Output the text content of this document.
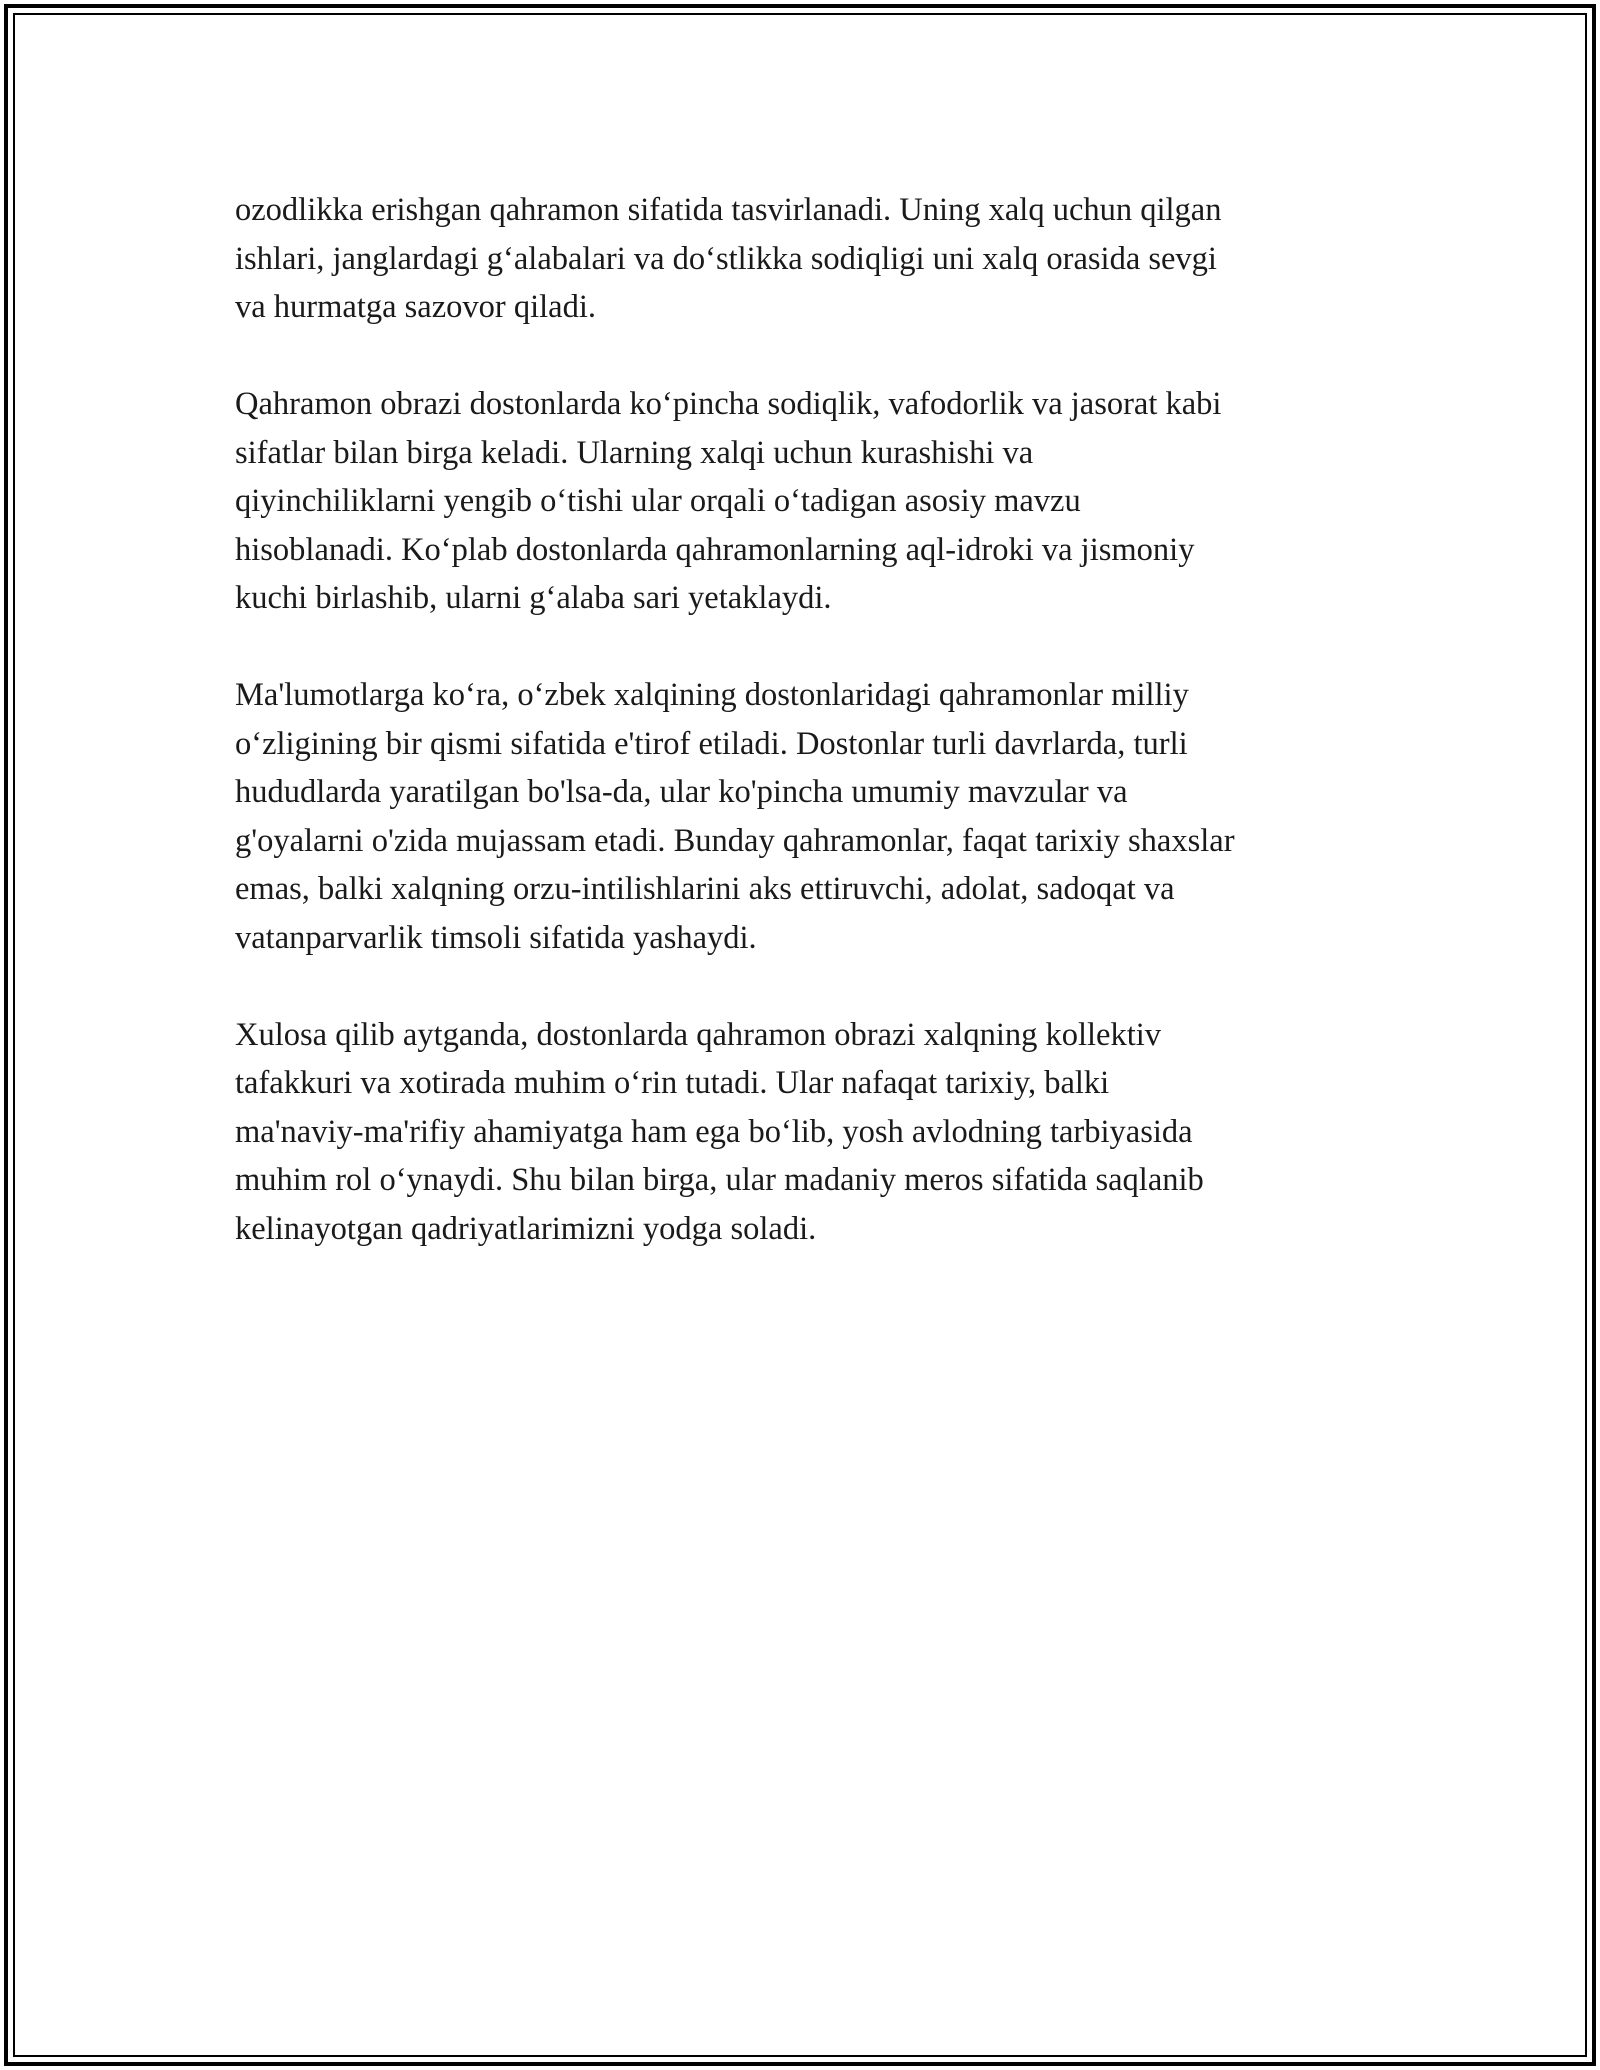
ozodlikka erishgan qahramon sifatida tasvirlanadi. Uning xalq uchun qilgan
ishlari, janglardagi g‘alabalari va do‘stlikka sodiqligi uni xalq orasida sevgi
va hurmatga sazovor qiladi.

Qahramon obrazi dostonlarda ko‘pincha sodiqlik, vafodorlik va jasorat kabi
sifatlar bilan birga keladi. Ularning xalqi uchun kurashishi va
qiyinchiliklarni yengib o‘tishi ular orqali o‘tadigan asosiy mavzu
hisoblanadi. Ko‘plab dostonlarda qahramonlarning aql-idroki va jismoniy
kuchi birlashib, ularni g‘alaba sari yetaklaydi.

Ma'lumotlarga ko‘ra, o‘zbek xalqining dostonlaridagi qahramonlar milliy
o‘zligining bir qismi sifatida e'tirof etiladi. Dostonlar turli davrlarda, turli
hududlarda yaratilgan bo'lsa-da, ular ko'pincha umumiy mavzular va
g'oyalarni o'zida mujassam etadi. Bunday qahramonlar, faqat tarixiy shaxslar
emas, balki xalqning orzu-intilishlarini aks ettiruvchi, adolat, sadoqat va
vatanparvarlik timsoli sifatida yashaydi.

Xulosa qilib aytganda, dostonlarda qahramon obrazi xalqning kollektiv
tafakkuri va xotirada muhim o‘rin tutadi. Ular nafaqat tarixiy, balki
ma'naviy-ma'rifiy ahamiyatga ham ega bo‘lib, yosh avlodning tarbiyasida
muhim rol o‘ynaydi. Shu bilan birga, ular madaniy meros sifatida saqlanib
kelinayotgan qadriyatlarimizni yodga soladi.
